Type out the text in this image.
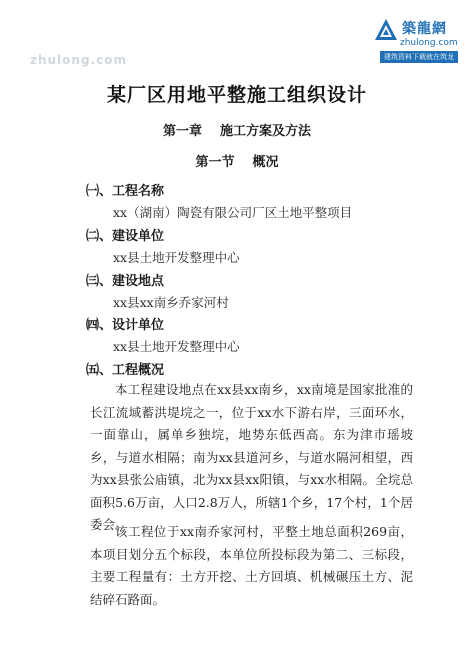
築龍網
zhulong.com
建筑资料下载就在筑龙
zhulong.com
某厂区用地平整施工组织设计
第一章    施工方案及方法
第一节    概况
㈠、工程名称
xx（湖南）陶瓷有限公司厂区土地平整项目
㈡、建设单位
xx县土地开发整理中心
㈢、建设地点
xx县xx南乡乔家河村
㈣、设计单位
xx县土地开发整理中心
㈤、工程概况
本工程建设地点在xx县xx南乡，xx南境是国家批准的长江流域蓄洪堤垸之一，位于xx水下游右岸，三面环水，一面靠山，属单乡独垸，地势东低西高。东为津市瑶坡乡，与道水相隔；南为xx县道河乡，与道水隔河相望，西为xx县张公庙镇，北为xx县xx阳镇，与xx水相隔。全垸总面积5.6万亩，人口2.8万人，所辖1个乡，17个村，1个居委会。
该工程位于xx南乔家河村，平整土地总面积269亩，本项目划分五个标段，本单位所投标段为第二、三标段，主要工程量有：土方开挖、土方回填、机械碾压土方、泥结碎石路面。
